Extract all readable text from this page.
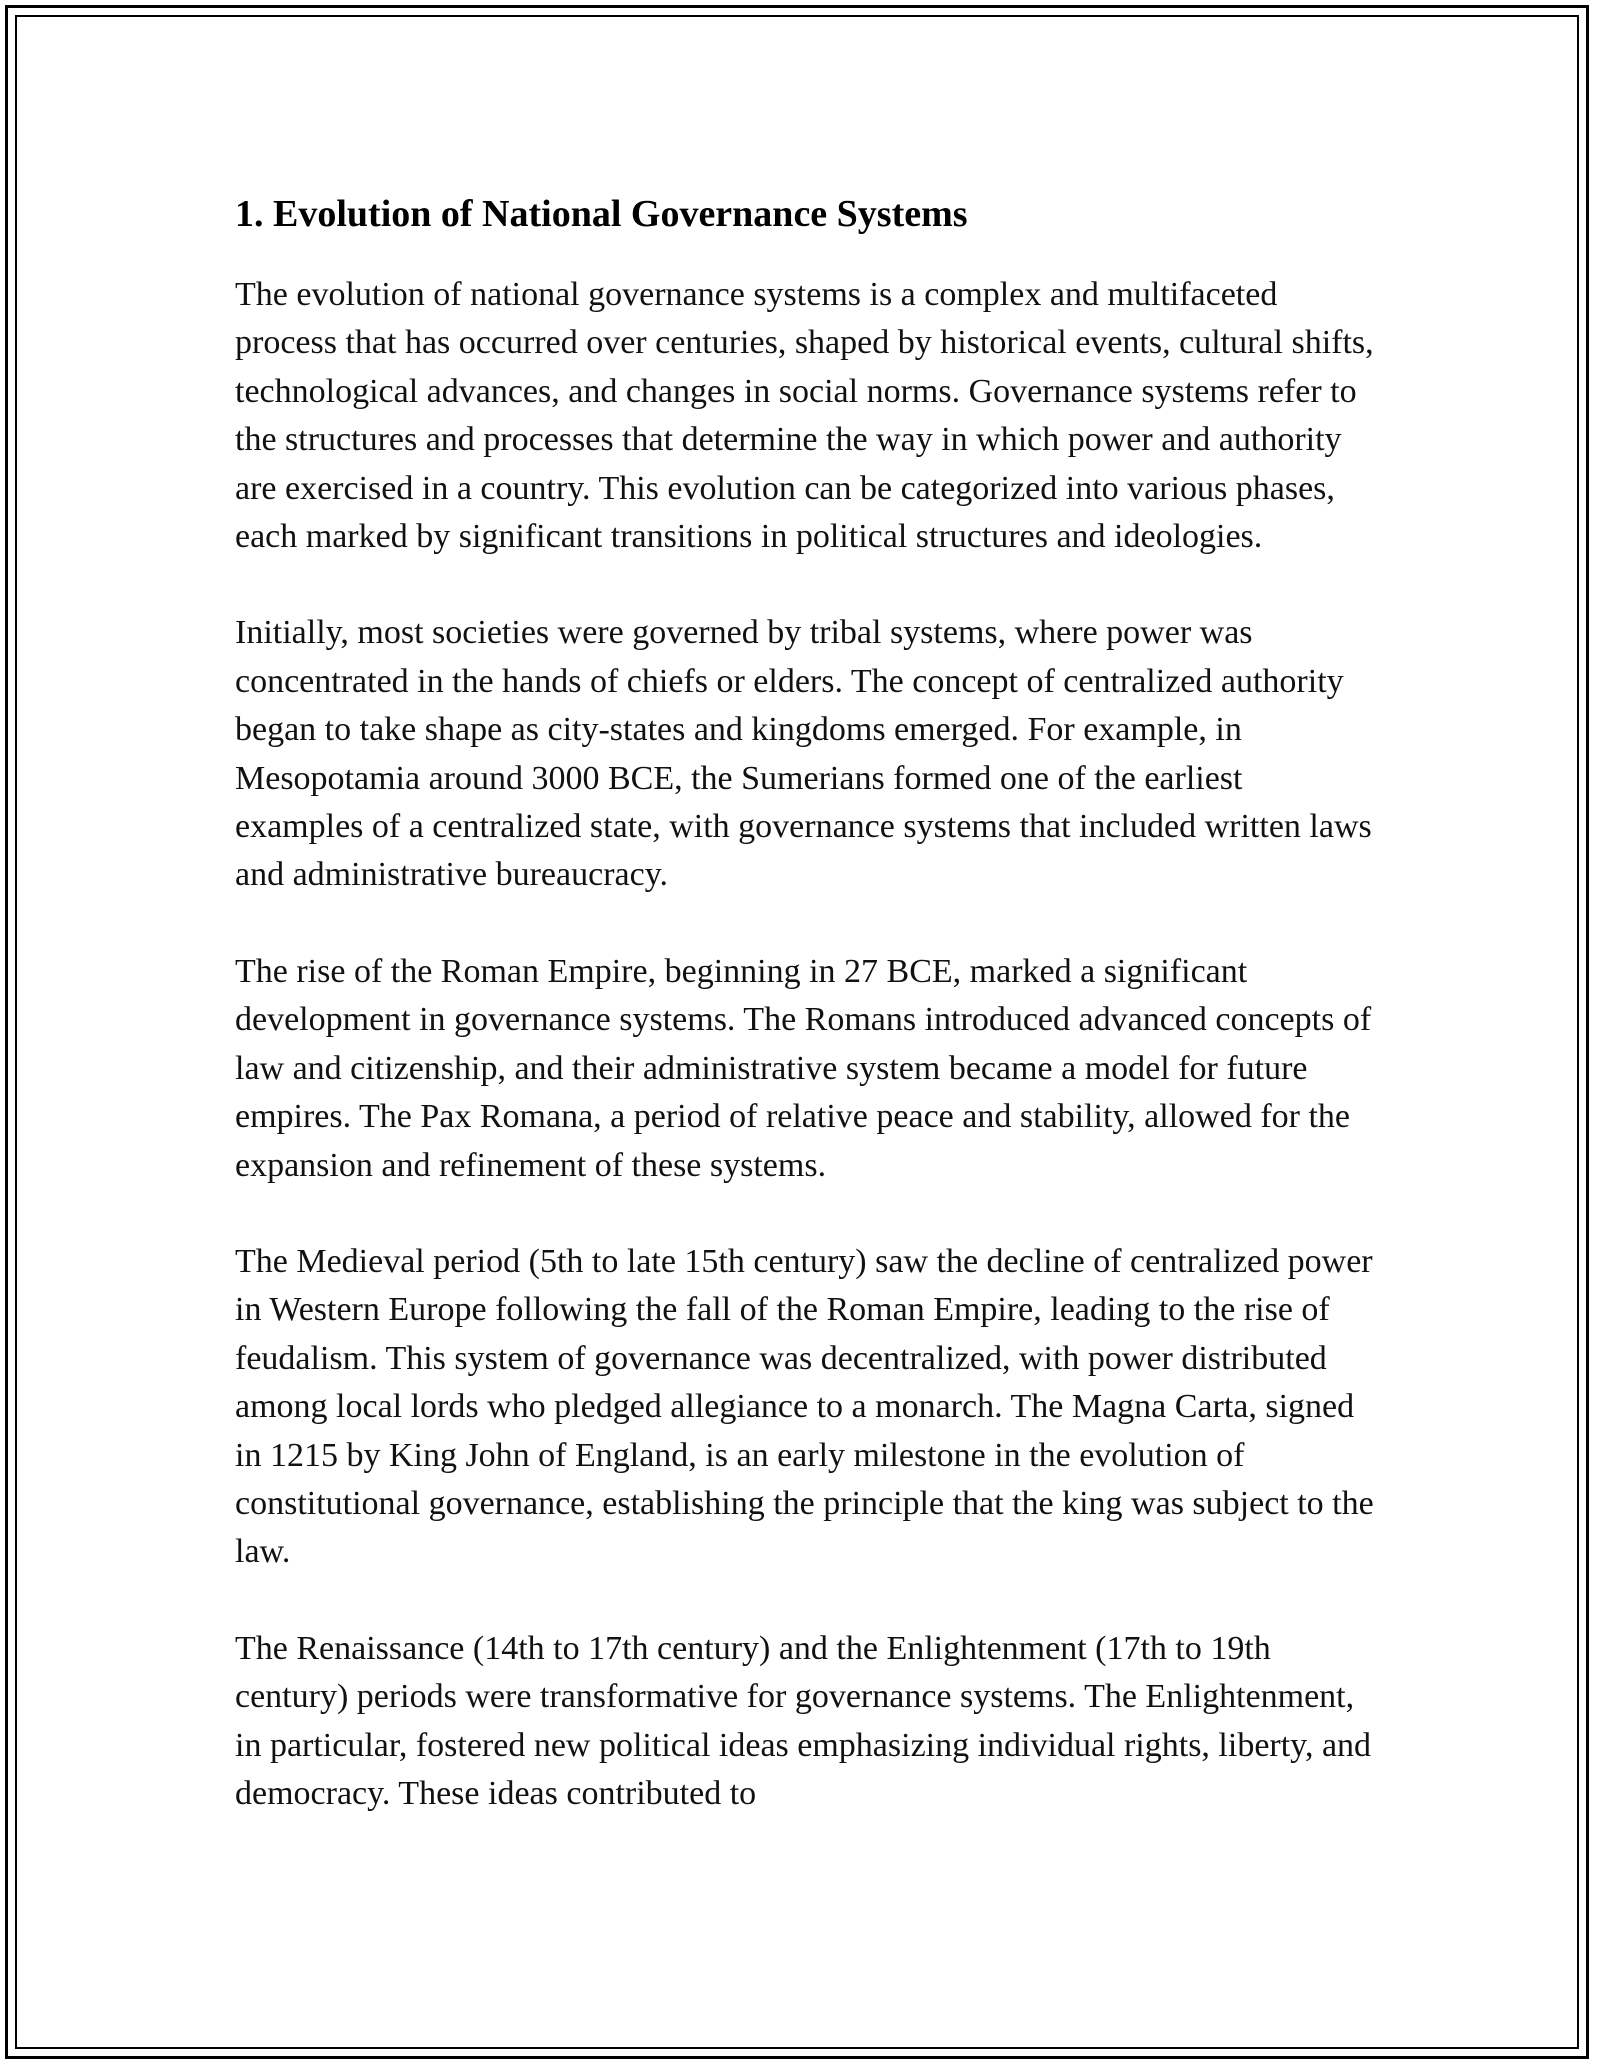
1. Evolution of National Governance Systems

The evolution of national governance systems is a complex and multifaceted process that has occurred over centuries, shaped by historical events, cultural shifts, technological advances, and changes in social norms. Governance systems refer to the structures and processes that determine the way in which power and authority are exercised in a country. This evolution can be categorized into various phases, each marked by significant transitions in political structures and ideologies.

Initially, most societies were governed by tribal systems, where power was concentrated in the hands of chiefs or elders. The concept of centralized authority began to take shape as city-states and kingdoms emerged. For example, in Mesopotamia around 3000 BCE, the Sumerians formed one of the earliest examples of a centralized state, with governance systems that included written laws and administrative bureaucracy.

The rise of the Roman Empire, beginning in 27 BCE, marked a significant development in governance systems. The Romans introduced advanced concepts of law and citizenship, and their administrative system became a model for future empires. The Pax Romana, a period of relative peace and stability, allowed for the expansion and refinement of these systems.

The Medieval period (5th to late 15th century) saw the decline of centralized power in Western Europe following the fall of the Roman Empire, leading to the rise of feudalism. This system of governance was decentralized, with power distributed among local lords who pledged allegiance to a monarch. The Magna Carta, signed in 1215 by King John of England, is an early milestone in the evolution of constitutional governance, establishing the principle that the king was subject to the law.

The Renaissance (14th to 17th century) and the Enlightenment (17th to 19th century) periods were transformative for governance systems. The Enlightenment, in particular, fostered new political ideas emphasizing individual rights, liberty, and democracy. These ideas contributed to
